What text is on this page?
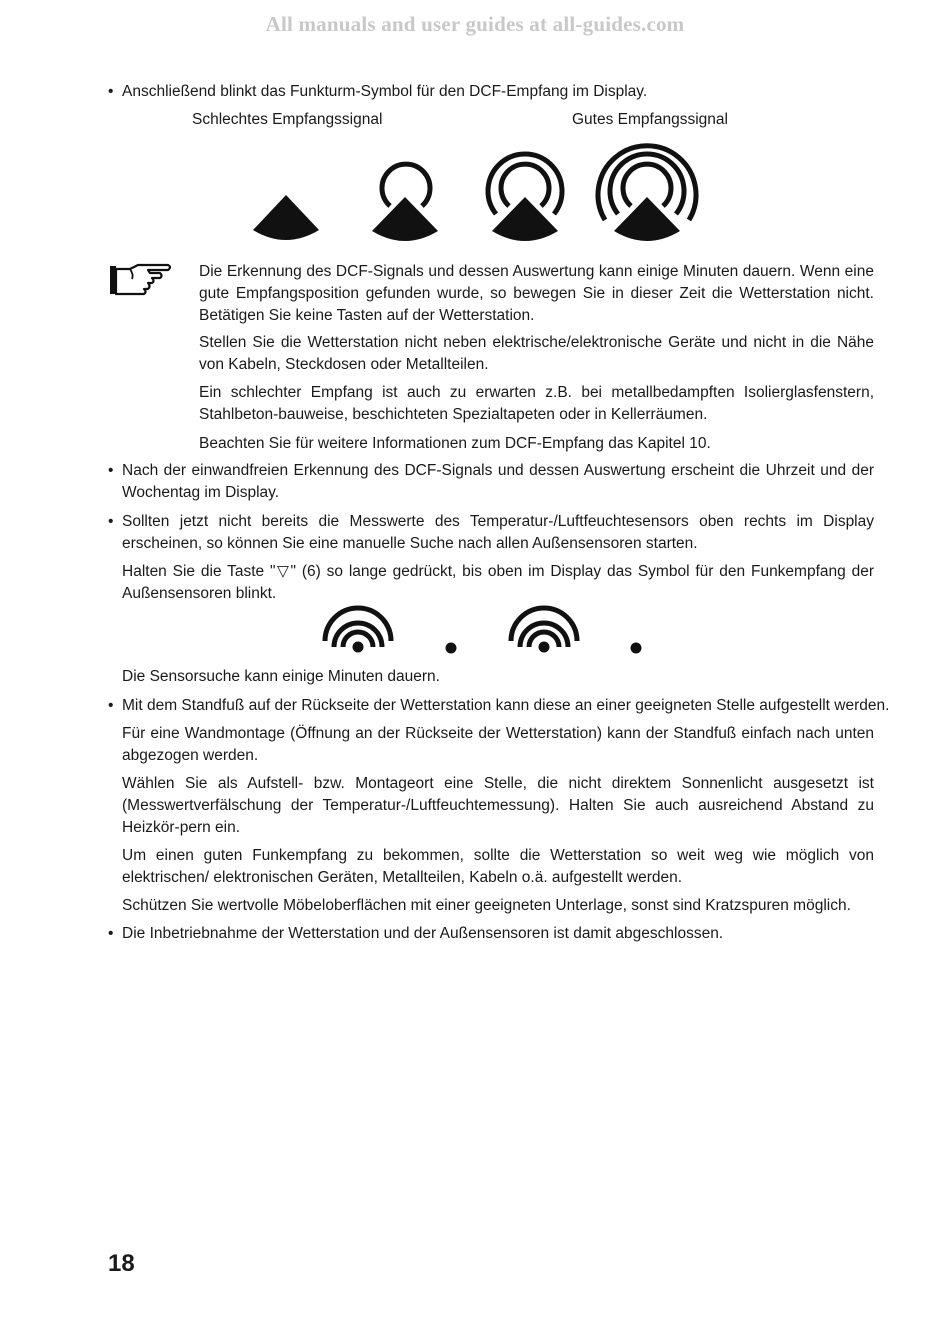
All manuals and user guides at all-guides.com
• Anschließend blinkt das Funkturm-Symbol für den DCF-Empfang im Display.
Schlechtes Empfangssignal	Gutes Empfangssignal
Die Erkennung des DCF-Signals und dessen Auswertung kann einige Minuten dauern. Wenn eine gute Empfangsposition gefunden wurde, so bewegen Sie in dieser Zeit die Wetterstation nicht. Betätigen Sie keine Tasten auf der Wetterstation.
Stellen Sie die Wetterstation nicht neben elektrische/elektronische Geräte und nicht in die Nähe von Kabeln, Steckdosen oder Metallteilen.
Ein schlechter Empfang ist auch zu erwarten z.B. bei metallbedampften Isolierglasfenstern, Stahlbeton-bauweise, beschichteten Spezialtapeten oder in Kellerräumen.
Beachten Sie für weitere Informationen zum DCF-Empfang das Kapitel 10.
• Nach der einwandfreien Erkennung des DCF-Signals und dessen Auswertung erscheint die Uhrzeit und der Wochentag im Display.
• Sollten jetzt nicht bereits die Messwerte des Temperatur-/Luftfeuchtesensors oben rechts im Display erscheinen, so können Sie eine manuelle Suche nach allen Außensensoren starten.
Halten Sie die Taste "▽" (6) so lange gedrückt, bis oben im Display das Symbol für den Funkempfang der Außensensoren blinkt.
Die Sensorsuche kann einige Minuten dauern.
• Mit dem Standfuß auf der Rückseite der Wetterstation kann diese an einer geeigneten Stelle aufgestellt werden.
Für eine Wandmontage (Öffnung an der Rückseite der Wetterstation) kann der Standfuß einfach nach unten abgezogen werden.
Wählen Sie als Aufstell- bzw. Montageort eine Stelle, die nicht direktem Sonnenlicht ausgesetzt ist (Messwertverfälschung der Temperatur-/Luftfeuchtemessung). Halten Sie auch ausreichend Abstand zu Heizkör-pern ein.
Um einen guten Funkempfang zu bekommen, sollte die Wetterstation so weit weg wie möglich von elektrischen/ elektronischen Geräten, Metallteilen, Kabeln o.ä. aufgestellt werden.
Schützen Sie wertvolle Möbeloberflächen mit einer geeigneten Unterlage, sonst sind Kratzspuren möglich.
• Die Inbetriebnahme der Wetterstation und der Außensensoren ist damit abgeschlossen.
18
